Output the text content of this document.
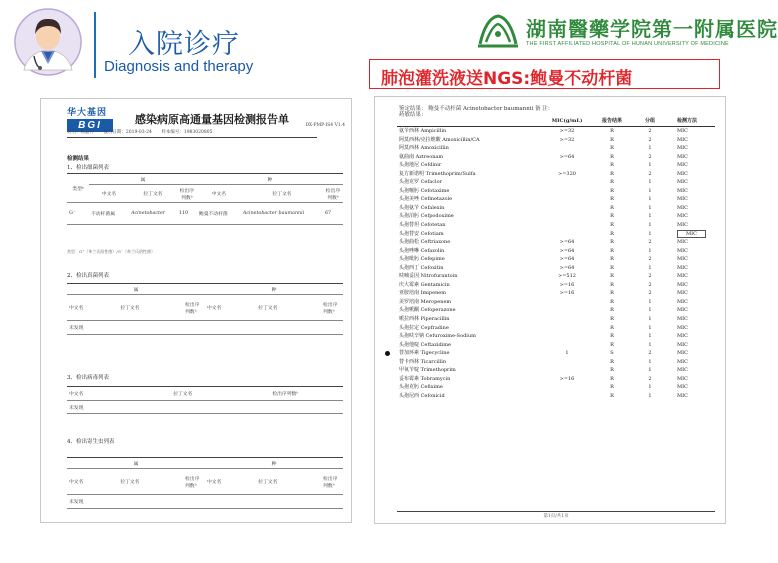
入院诊疗
Diagnosis and therapy
湖南醫藥学院第一附属医院
THE FIRST AFFILIATED HOSPITAL OF HUNAN UNIVERSITY OF MEDICINE
肺泡灌洗液送NGS:鲍曼不动杆菌
华大基因
BGI	感染病原高通量基因检测报告单	DX-PMP-IS4 V1.4
姓名：杨孟竹 报告日期：2019-03-24 样本编号：1983020805
检测结果
1、检出细菌列表
类型ᵃ	属			种		
	中文名	拉丁文名	检出序列数ᵇ	中文名	拉丁文名	检出序列数ᵇ
G⁻	不动杆菌属	Acinetobacter	110	鲍曼不动杆菌	Acinetobacter baumannii	67
类型：G⁺（革兰氏阳性菌）/G⁻（革兰氏阴性菌）
2、检出真菌列表
属			种		
中文名	拉丁文名	检出序列数ᵇ	中文名	拉丁文名	检出序列数ᵇ
未发现					
3、检出病毒列表
中文名	拉丁文名	检出序列数ᵇ
未发现
4、检出寄生虫列表
属			种		
中文名	拉丁文名	检出序列数ᵇ	中文名	拉丁文名	检出序列数ᵇ
未发现					
鉴定结果： 鲍曼不动杆菌 Acinetobacter baumannii 备 注：
药敏结果：
	MIC(g/mL)	报告结果	分组	检测方法
氨苄西林 Ampicillin	>=32	R	2	MIC
阿莫西林/克拉维酸 Amoxicillin/CA	>=32	R	2	MIC
阿莫西林 Amoxicillin		R	1	MIC
氨曲南 Aztreonam	>=64	R	2	MIC
头孢地尼 Cefdinir		R	1	MIC
复方新诺明 Trimethoprim/Sulfa	>=320	R	2	MIC
头孢克罗 Cefaclor		R	1	MIC
头孢噻肟 Cefotaxime		R	1	MIC
头孢美唑 Cefmetazole		R	1	MIC
头孢氨苄 Cefalexin		R	1	MIC
头孢泊肟 Cefpodoxime		R	1	MIC
头孢替坦 Cefotetan		R	1	MIC
头孢替安 Cefotiam		R	1	MIC
头孢曲松 Ceftriaxone	>=64	R	2	MIC
头孢唑啉 Cefazolin	>=64	R	1	MIC
头孢吡肟 Cefepime	>=64	R	2	MIC
头孢西丁 Cefoxitin	>=64	R	1	MIC
呋喃妥因 Nitrofurantoin	>=512	R	2	MIC
庆大霉素 Gentamicin	>=16	R	2	MIC
亚胺培南 Imipenem	>=16	R	2	MIC
美罗培南 Meropenem		R	1	MIC
头孢哌酮 Cefoperazone		R	1	MIC
哌拉西林 Piperacillin		R	1	MIC
头孢拉定 Cepfradine		R	1	MIC
头孢呋辛钠 Cefuroxime-Sodium		R	1	MIC
头孢他啶 Ceftazidime		R	1	MIC

替加环素 Tigecycline	1	S	2	MIC
替卡西林 Ticarcillin		R	1	MIC
甲氧苄啶 Trimethoprim		R	1	MIC
妥布霉素 Tobramycin	>=16	R	2	MIC
头孢克肟 Cefixime		R	1	MIC
头孢尼西 Cefonicid		R	1	MIC
第1页/共1页
